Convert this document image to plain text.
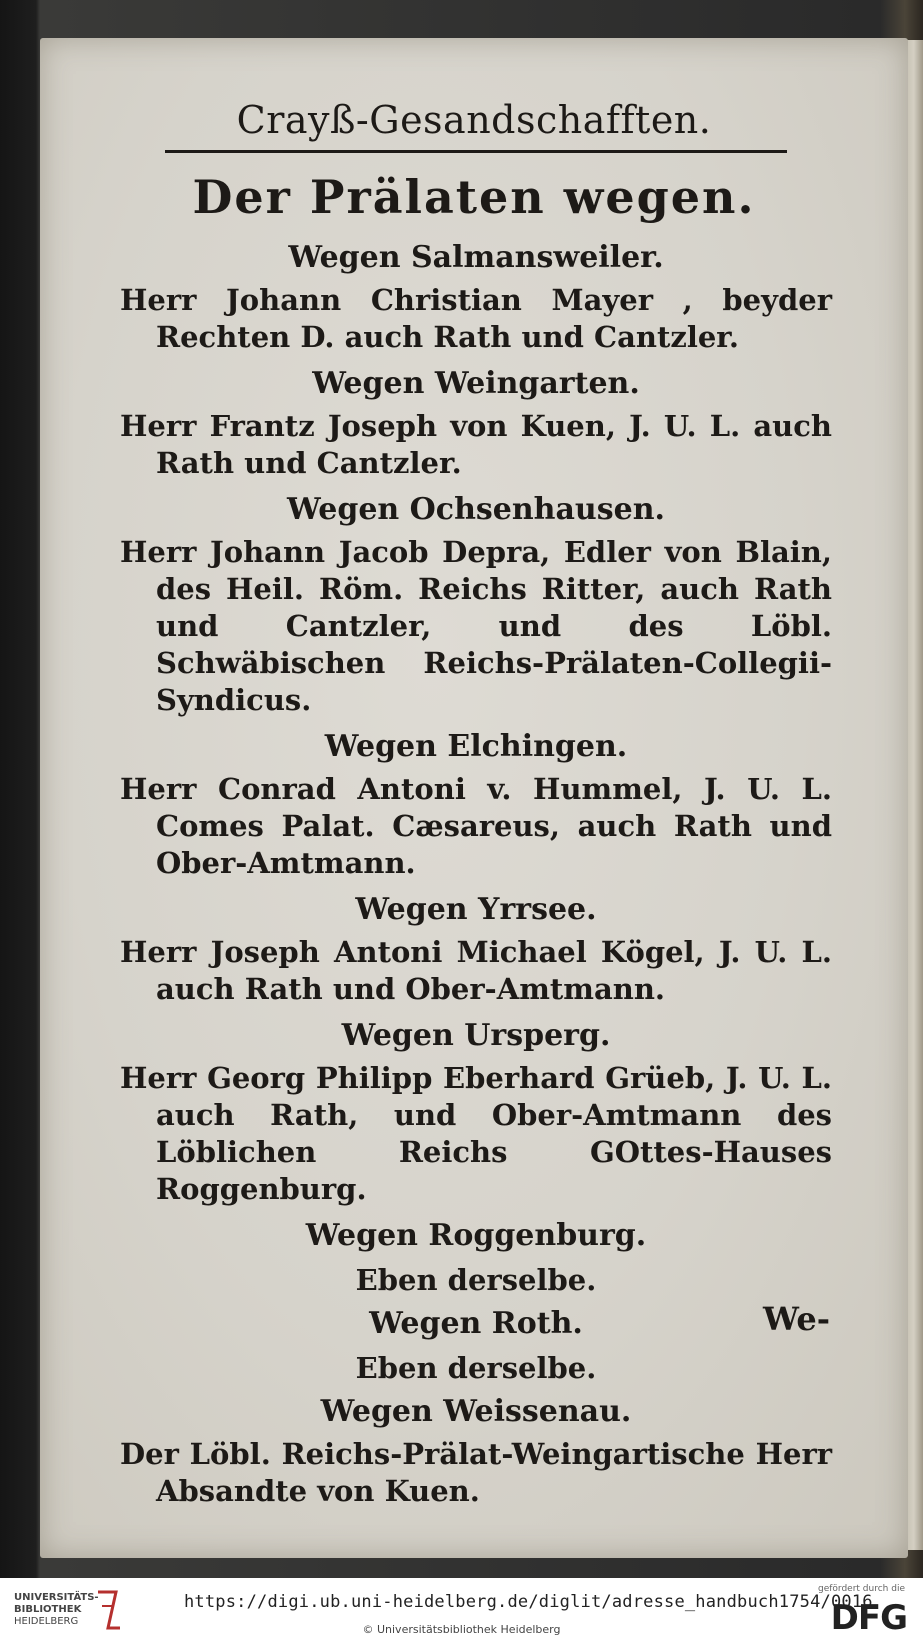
Crayß-Gesandschafften.
Der Prälaten wegen.
Wegen Salmansweiler.

Herr Johann Christian Mayer , beyder Rechten D. auch Rath und Cantzler.

Wegen Weingarten.

Herr Frantz Joseph von Kuen, J. U. L. auch Rath und Cantzler.

Wegen Ochsenhausen.

Herr Johann Jacob Depra, Edler von Blain, des Heil. Röm. Reichs Ritter, auch Rath und Cantzler, und des Löbl. Schwäbischen Reichs-Prälaten-Collegii-Syndicus.

Wegen Elchingen.

Herr Conrad Antoni v. Hummel, J. U. L. Comes Palat. Cæsareus, auch Rath und Ober-Amtmann.

Wegen Yrrsee.

Herr Joseph Antoni Michael Kögel, J. U. L. auch Rath und Ober-Amtmann.

Wegen Ursperg.

Herr Georg Philipp Eberhard Grüeb, J. U. L. auch Rath, und Ober-Amtmann des Löblichen Reichs GOttes-Hauses Roggenburg.

Wegen Roggenburg.
Eben derselbe.
Wegen Roth.
Eben derselbe.
Wegen Weissenau.

Der Löbl. Reichs-Prälat-Weingartische Herr Absandte von Kuen.

We-
UNIVERSITÄTS-
BIBLIOTHEK
HEIDELBERG
https://digi.ub.uni-heidelberg.de/diglit/adresse_handbuch1754/0016
© Universitätsbibliothek Heidelberg
gefördert durch die
DFG
